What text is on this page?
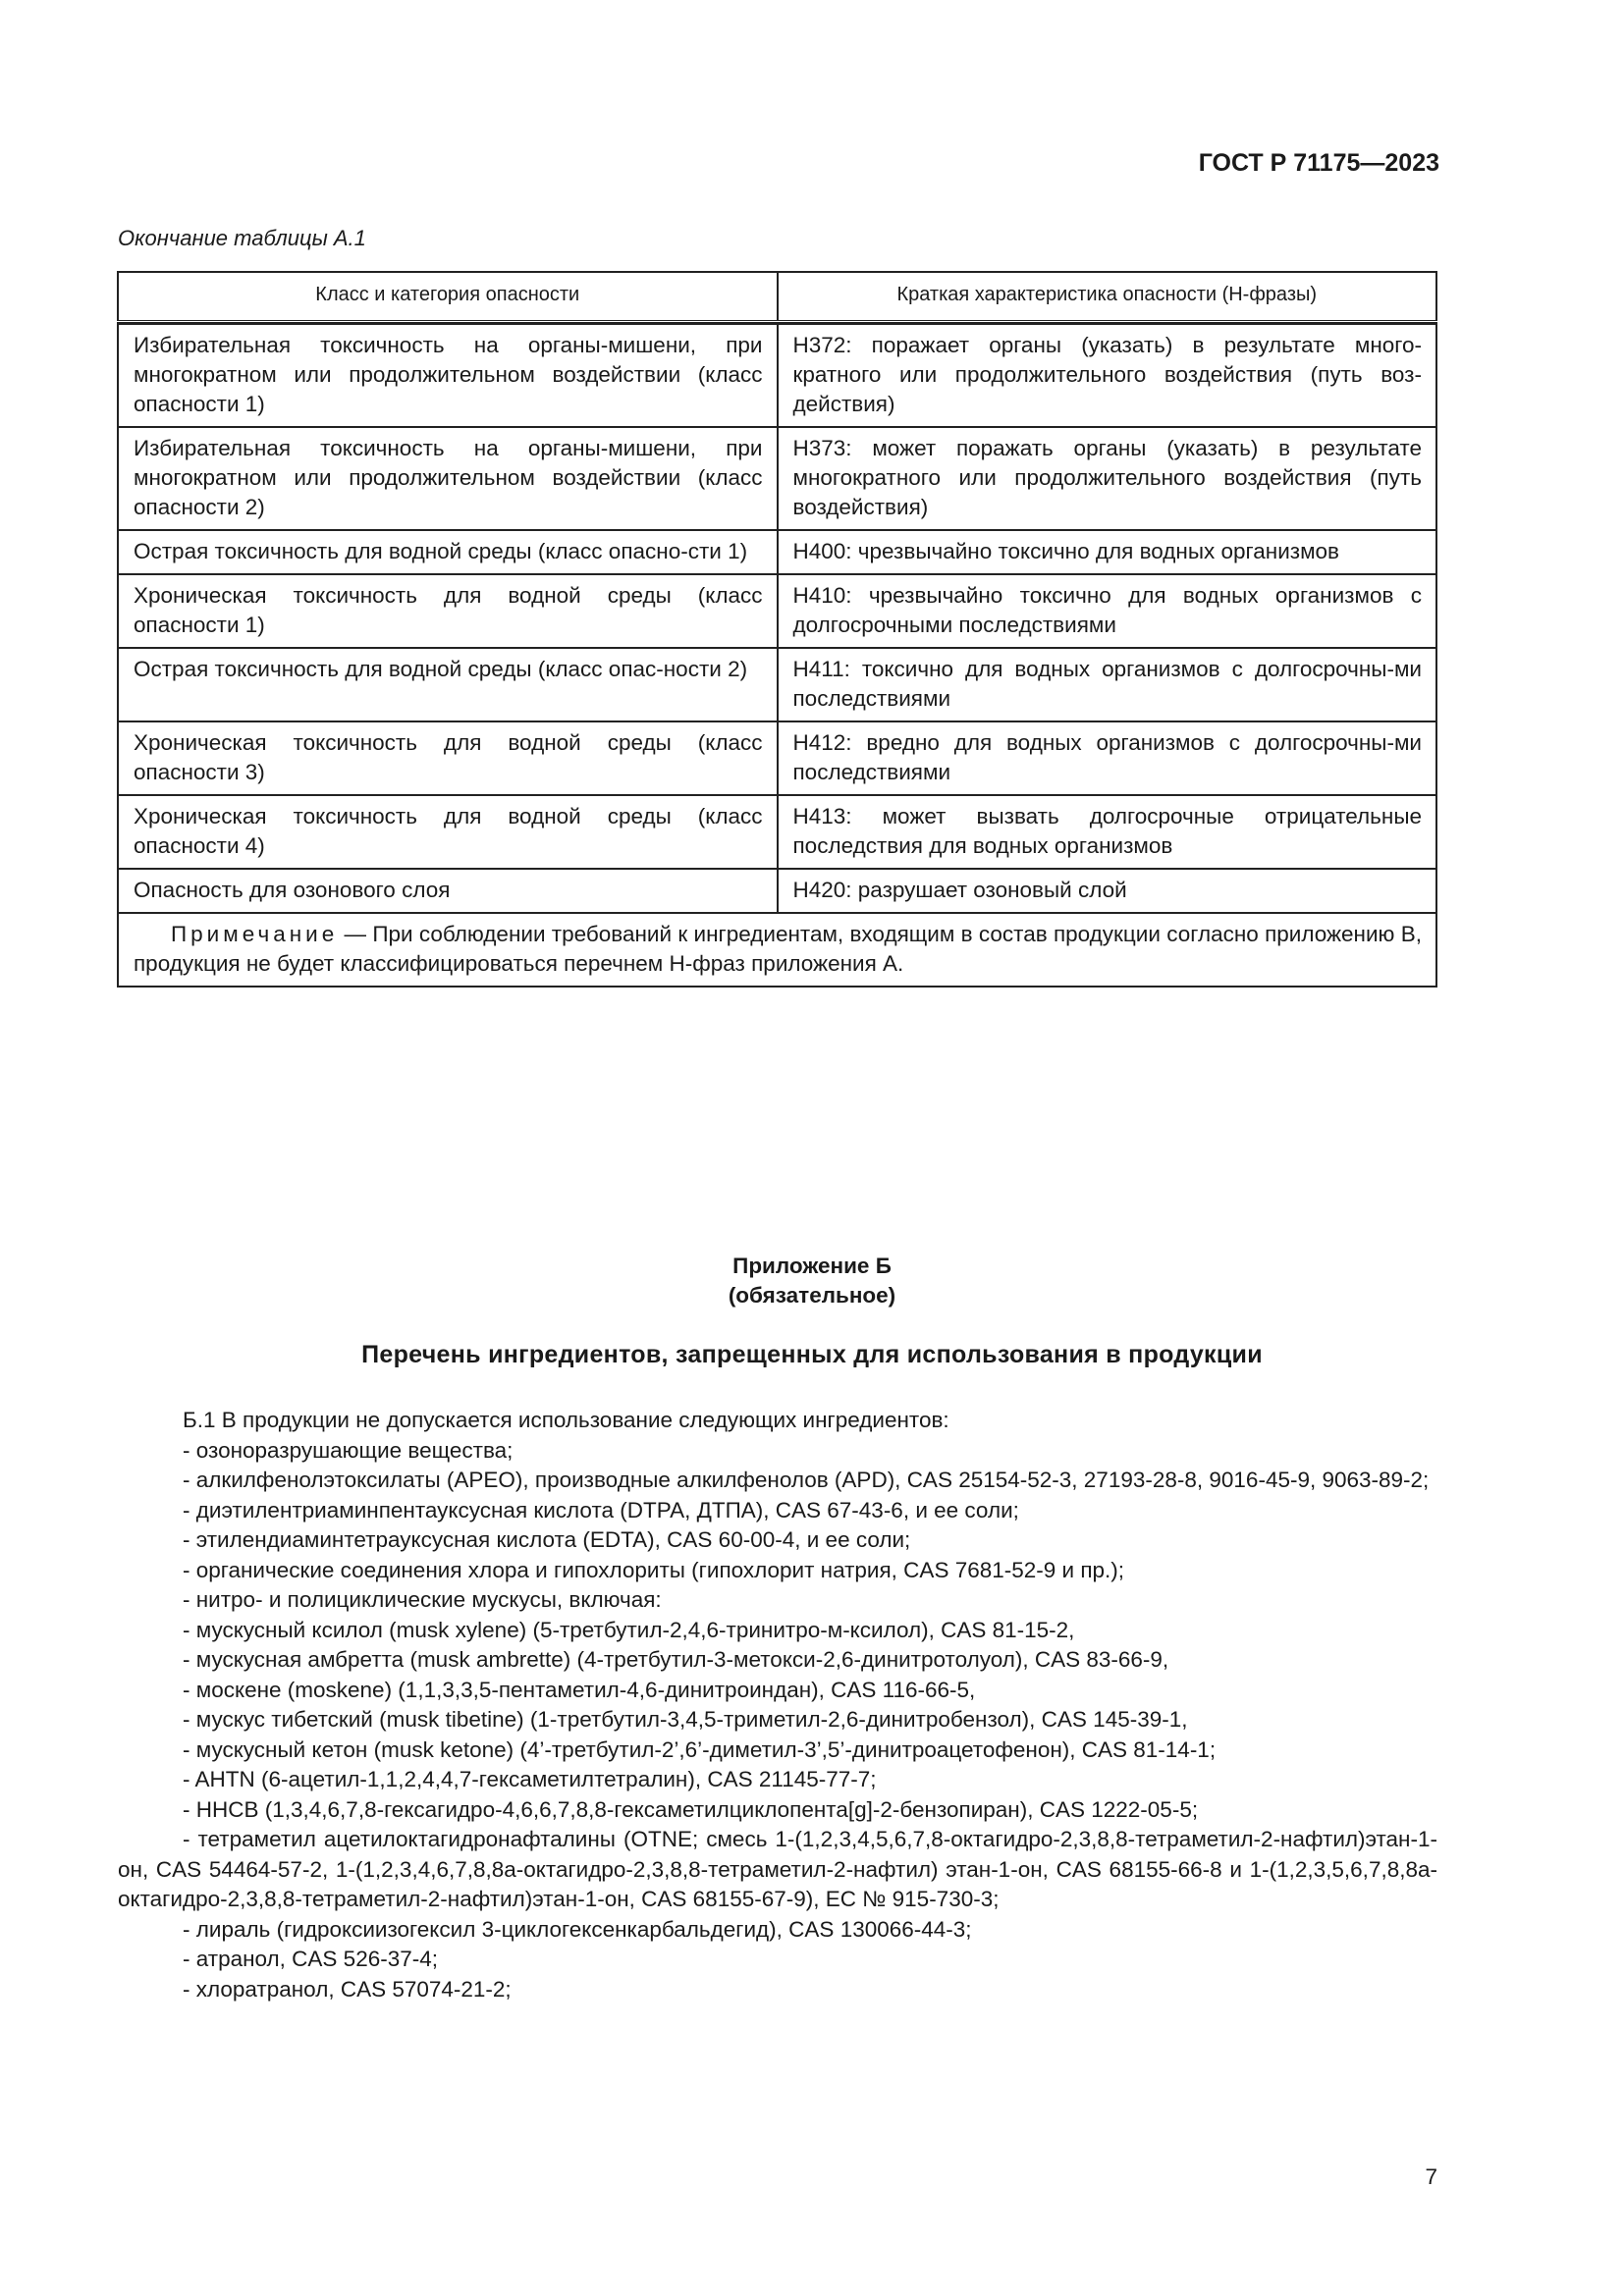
ГОСТ Р 71175—2023
Окончание таблицы А.1
Класс и категория опасности	Краткая характеристика опасности (Н-фразы)

Избирательная токсичность на органы-мишени, при многократном или продолжительном воздействии (класс опасности 1)	Н372: поражает органы (указать) в результате много-кратного или продолжительного воздействия (путь воз-действия)
Избирательная токсичность на органы-мишени, при многократном или продолжительном воздействии (класс опасности 2)	Н373: может поражать органы (указать) в результате многократного или продолжительного воздействия (путь воздействия)
Острая токсичность для водной среды (класс опасно-сти 1)	Н400: чрезвычайно токсично для водных организмов
Хроническая токсичность для водной среды (класс опасности 1)	Н410: чрезвычайно токсично для водных организмов с долгосрочными последствиями
Острая токсичность для водной среды (класс опас-ности 2)	Н411: токсично для водных организмов с долгосрочны-ми последствиями
Хроническая токсичность для водной среды (класс опасности 3)	Н412: вредно для водных организмов с долгосрочны-ми последствиями
Хроническая токсичность для водной среды (класс опасности 4)	Н413: может вызвать долгосрочные отрицательные последствия для водных организмов
Опасность для озонового слоя	Н420: разрушает озоновый слой
Примечание — При соблюдении требований к ингредиентам, входящим в состав продукции согласно приложению В, продукция не будет классифицироваться перечнем Н-фраз приложения А.	
Приложение Б
(обязательное)
Перечень ингредиентов, запрещенных для использования в продукции

Б.1 В продукции не допускается использование следующих ингредиентов:

- озоноразрушающие вещества;

- алкилфенолэтоксилаты (APEO), производные алкилфенолов (APD), CAS 25154-52-3, 27193-28-8, 9016-45-9, 9063-89-2;

- диэтилентриаминпентауксусная кислота (DTPA, ДТПА), CAS 67-43-6, и ее соли;

- этилендиаминтетрауксусная кислота (EDTA), CAS 60-00-4, и ее соли;

- органические соединения хлора и гипохлориты (гипохлорит натрия, CAS 7681-52-9 и пр.);

- нитро- и полициклические мускусы, включая:

- мускусный ксилол (musk xylene) (5-третбутил-2,4,6-тринитро-м-ксилол), CAS 81-15-2,

- мускусная амбретта (musk ambrette) (4-третбутил-3-метокси-2,6-динитротолуол), CAS 83-66-9,

- москене (moskene) (1,1,3,3,5-пентаметил-4,6-динитроиндан), CAS 116-66-5,

- мускус тибетский (musk tibetine) (1-третбутил-3,4,5-триметил-2,6-динитробензол), CAS 145-39-1,

- мускусный кетон (musk ketone) (4’-третбутил-2’,6’-диметил-3’,5’-динитроацетофенон), CAS 81-14-1;

- AHTN (6-ацетил-1,1,2,4,4,7-гексаметилтетралин), CAS 21145-77-7;

- HHCB (1,3,4,6,7,8-гексагидро-4,6,6,7,8,8-гексаметилциклопента[g]-2-бензопиран), CAS 1222-05-5;

- тетраметил ацетилоктагидронафталины (OTNE; смесь 1-(1,2,3,4,5,6,7,8-октагидро-2,3,8,8-тетраметил-2-нафтил)этан-1-он, CAS 54464-57-2, 1-(1,2,3,4,6,7,8,8a-октагидро-2,3,8,8-тетраметил-2-нафтил) этан-1-он, CAS 68155-66-8 и 1-(1,2,3,5,6,7,8,8a-октагидро-2,3,8,8-тетраметил-2-нафтил)этан-1-он, CAS 68155-67-9), EC № 915-730-3;

- лираль (гидроксиизогексил 3-циклогексенкарбальдегид), CAS 130066-44-3;

- атранол, CAS 526-37-4;

- хлоратранол, CAS 57074-21-2;

7
